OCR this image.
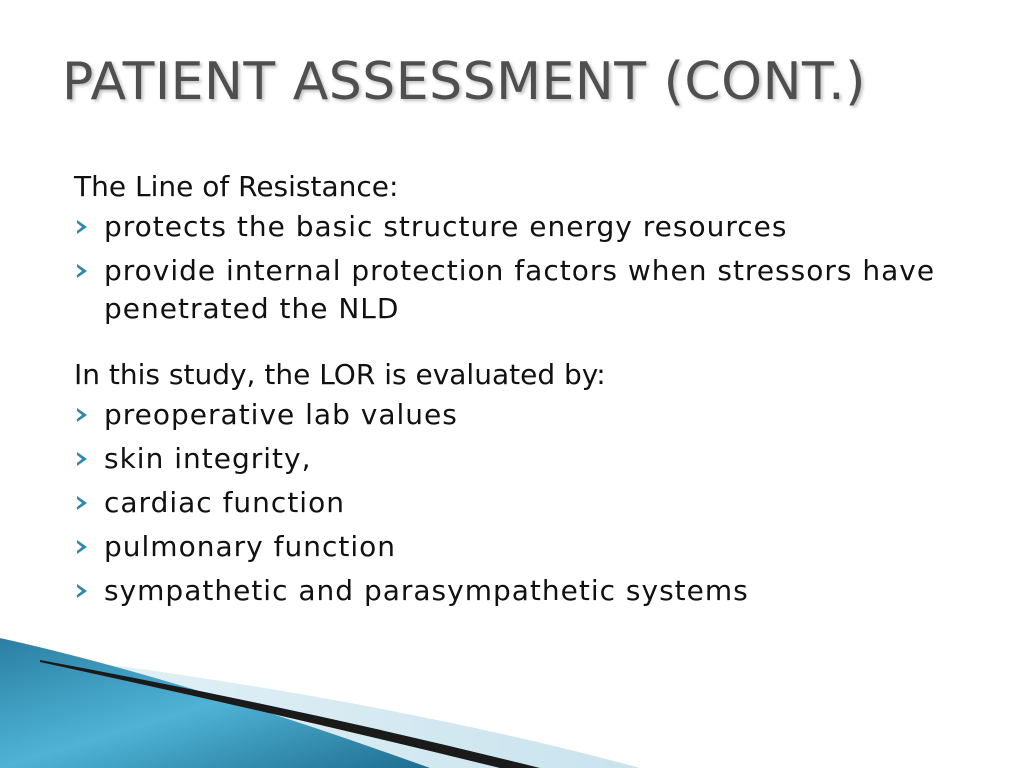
PATIENT ASSESSMENT (CONT.)

The Line of Resistance:

protects the basic structure energy resources
provide internal protection factors when stressors have penetrated the NLD

In this study, the LOR is evaluated by:

preoperative lab values
skin integrity,
cardiac function
pulmonary function
sympathetic and parasympathetic systems
